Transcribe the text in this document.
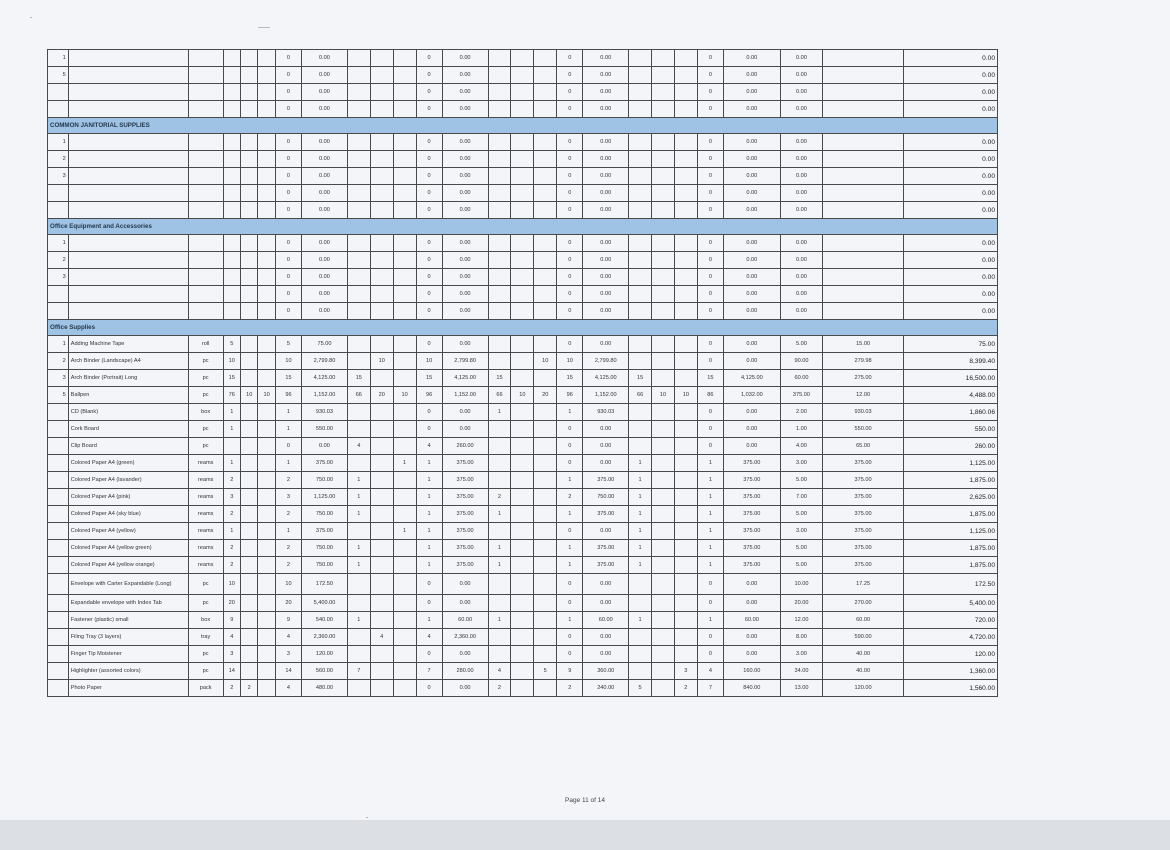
1						0	0.00				0	0.00				0	0.00				0	0.00	0.00		0.00
5						0	0.00				0	0.00				0	0.00				0	0.00	0.00		0.00
						0	0.00				0	0.00				0	0.00				0	0.00	0.00		0.00
						0	0.00				0	0.00				0	0.00				0	0.00	0.00		0.00
COMMON JANITORIAL SUPPLIES																									
1						0	0.00				0	0.00				0	0.00				0	0.00	0.00		0.00
2						0	0.00				0	0.00				0	0.00				0	0.00	0.00		0.00
3						0	0.00				0	0.00				0	0.00				0	0.00	0.00		0.00
						0	0.00				0	0.00				0	0.00				0	0.00	0.00		0.00
						0	0.00				0	0.00				0	0.00				0	0.00	0.00		0.00
Office Equipment and Accessories																									
1						0	0.00				0	0.00				0	0.00				0	0.00	0.00		0.00
2						0	0.00				0	0.00				0	0.00				0	0.00	0.00		0.00
3						0	0.00				0	0.00				0	0.00				0	0.00	0.00		0.00
						0	0.00				0	0.00				0	0.00				0	0.00	0.00		0.00
						0	0.00				0	0.00				0	0.00				0	0.00	0.00		0.00
Office Supplies																									
1	Adding Machine Tape	roll	5			5	75.00				0	0.00				0	0.00				0	0.00	5.00	15.00	75.00
2	Arch Binder (Landscape) A4	pc	10			10	2,799.80		10		10	2,799.80			10	10	2,799.80				0	0.00	90.00	279.98	8,399.40
3	Arch Binder (Portrait) Long	pc	15			15	4,125.00	15			15	4,125.00	15			15	4,125.00	15			15	4,125.00	60.00	275.00	16,500.00
5	Ballpen	pc	76	10	10	96	1,152.00	66	20	10	96	1,152.00	66	10	20	96	1,152.00	66	10	10	86	1,032.00	375.00	12.00	4,488.00
	CD (Blank)	box	1			1	930.03				0	0.00	1			1	930.03				0	0.00	2.00	930.03	1,860.06
	Cork Board	pc	1			1	550.00				0	0.00				0	0.00				0	0.00	1.00	550.00	550.00
	Clip Board	pc				0	0.00	4			4	260.00				0	0.00				0	0.00	4.00	65.00	260.00
	Colored Paper A4 (green)	reams	1			1	375.00			1	1	375.00				0	0.00	1			1	375.00	3.00	375.00	1,125.00
	Colored Paper A4 (lavander)	reams	2			2	750.00	1			1	375.00				1	375.00	1			1	375.00	5.00	375.00	1,875.00
	Colored Paper A4 (pink)	reams	3			3	1,125.00	1			1	375.00	2			2	750.00	1			1	375.00	7.00	375.00	2,625.00
	Colored Paper A4 (sky blue)	reams	2			2	750.00	1			1	375.00	1			1	375.00	1			1	375.00	5.00	375.00	1,875.00
	Colored Paper A4 (yellow)	reams	1			1	375.00			1	1	375.00				0	0.00	1			1	375.00	3.00	375.00	1,125.00
	Colored Paper A4 (yellow green)	reams	2			2	750.00	1			1	375.00	1			1	375.00	1			1	375.00	5.00	375.00	1,875.00
	Colored Paper A4 (yellow orange)	reams	2			2	750.00	1			1	375.00	1			1	375.00	1			1	375.00	5.00	375.00	1,875.00
	Envelope with Carter Expandable (Long)	pc	10			10	172.50				0	0.00				0	0.00				0	0.00	10.00	17.25	172.50
	Expandable envelope with Index Tab	pc	20			20	5,400.00				0	0.00				0	0.00				0	0.00	20.00	270.00	5,400.00
	Fastener (plastic) small	box	9			9	540.00	1			1	60.00	1			1	60.00	1			1	60.00	12.00	60.00	720.00
	Filing Tray (3 layers)	tray	4			4	2,360.00		4		4	2,360.00				0	0.00				0	0.00	8.00	590.00	4,720.00
	Finger Tip Moistener	pc	3			3	120.00				0	0.00				0	0.00				0	0.00	3.00	40.00	120.00
	Highlighter (assorted colors)	pc	14			14	560.00	7			7	280.00	4		5	9	360.00			3	4	160.00	34.00	40.00	1,360.00
	Photo Paper	pack	2	2		4	480.00				0	0.00	2			2	240.00	5		2	7	840.00	13.00	120.00	1,560.00
Page 11 of 14
